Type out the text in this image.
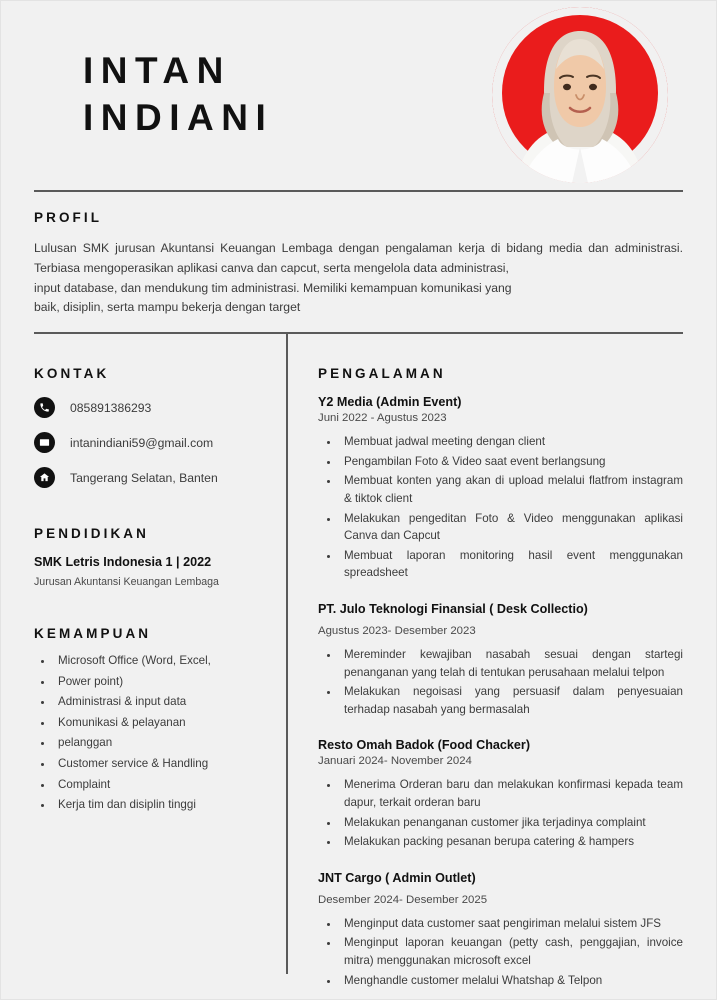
INTAN
INDIANI
PROFIL

Lulusan SMK jurusan Akuntansi Keuangan Lembaga dengan pengalaman kerja di bidang media dan administrasi. Terbiasa mengoperasikan aplikasi canva dan capcut, serta mengelola data administrasi,
input database, dan mendukung tim administrasi. Memiliki kemampuan komunikasi yang
baik, disiplin, serta mampu bekerja dengan target

KONTAK
085891386293
intanindiani59@gmail.com
Tangerang Selatan, Banten
PENDIDIKAN

SMK Letris Indonesia 1 | 2022

Jurusan Akuntansi Keuangan Lembaga

KEMAMPUAN
• Microsoft Office (Word, Excel,
• Power point)
• Administrasi & input data
• Komunikasi & pelayanan
• pelanggan
• Customer service & Handling
• Complaint
• Kerja tim dan disiplin tinggi
PENGALAMAN

Y2 Media (Admin Event)

Juni 2022 - Agustus 2023

• Membuat jadwal meeting dengan client
• Pengambilan Foto & Video saat event berlangsung
• Membuat konten yang akan di upload melalui flatfrom instagram & tiktok client
• Melakukan pengeditan Foto & Video menggunakan aplikasi Canva dan Capcut
• Membuat laporan monitoring hasil event menggunakan spreadsheet

PT. Julo Teknologi Finansial ( Desk Collectio)

Agustus 2023- Desember 2023

• Mereminder kewajiban nasabah sesuai dengan startegi penanganan yang telah di tentukan perusahaan melalui telpon
• Melakukan negoisasi yang persuasif dalam penyesuaian terhadap nasabah yang bermasalah

Resto Omah Badok (Food Chacker)

Januari 2024- November 2024

• Menerima Orderan baru dan melakukan konfirmasi kepada team dapur, terkait orderan baru
• Melakukan penanganan customer jika terjadinya complaint
• Melakukan packing pesanan berupa catering & hampers

JNT Cargo ( Admin Outlet)

Desember 2024- Desember 2025

• Menginput data customer saat pengiriman melalui sistem JFS
• Menginput laporan keuangan (petty cash, penggajian, invoice mitra) menggunakan microsoft excel
• Menghandle customer melalui Whatshap & Telpon
